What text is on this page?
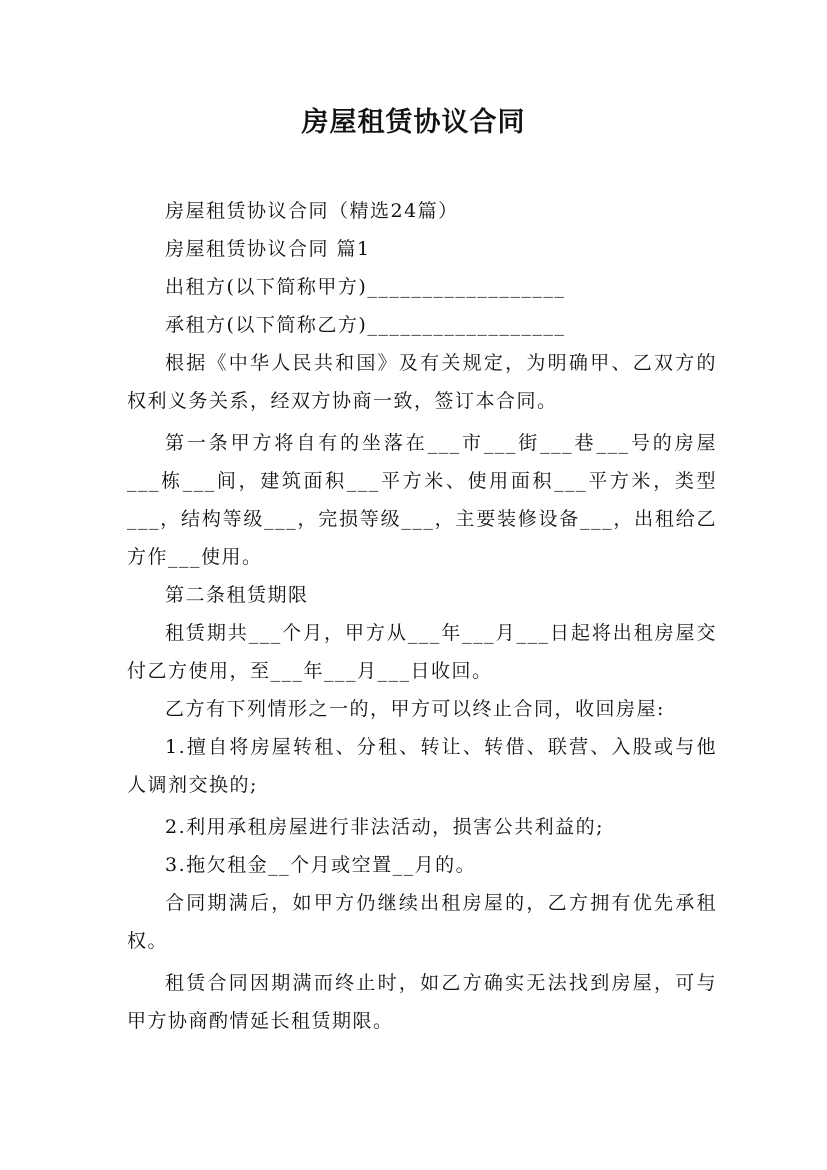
房屋租赁协议合同

房屋租赁协议合同（精选24篇）

房屋租赁协议合同 篇1

出租方(以下简称甲方)__________________

承租方(以下简称乙方)__________________

根据《中华人民共和国》及有关规定，为明确甲、乙双方的权利义务关系，经双方协商一致，签订本合同。

第一条甲方将自有的坐落在___市___街___巷___号的房屋___栋___间，建筑面积___平方米、使用面积___平方米，类型___，结构等级___，完损等级___，主要装修设备___，出租给乙方作___使用。

第二条租赁期限

租赁期共___个月，甲方从___年___月___日起将出租房屋交付乙方使用，至___年___月___日收回。

乙方有下列情形之一的，甲方可以终止合同，收回房屋:

1.擅自将房屋转租、分租、转让、转借、联营、入股或与他人调剂交换的;

2.利用承租房屋进行非法活动，损害公共利益的;

3.拖欠租金__个月或空置__月的。

合同期满后，如甲方仍继续出租房屋的，乙方拥有优先承租权。

租赁合同因期满而终止时，如乙方确实无法找到房屋，可与甲方协商酌情延长租赁期限。
